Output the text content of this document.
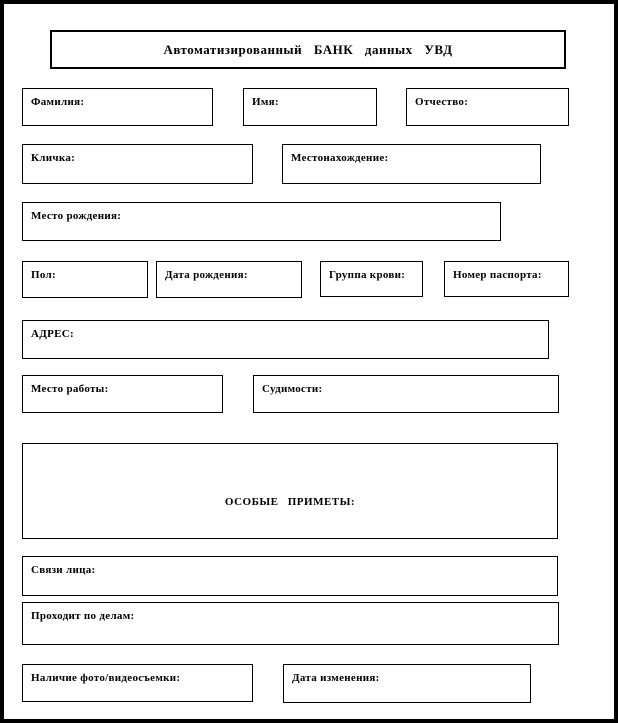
Автоматизированный БАНК данных УВД
Фамилия:	Имя:	Отчество:
Кличка:	Местонахождение:
Место рождения:
Пол:	Дата рождения:	Группа крови:	Номер паспорта:
АДРЕС:
Место работы:	Судимости:
ОСОБЫЕ ПРИМЕТЫ:
Связи лица:
Проходит по делам:
Наличие фото/видеосъемки:	Дата изменения:
